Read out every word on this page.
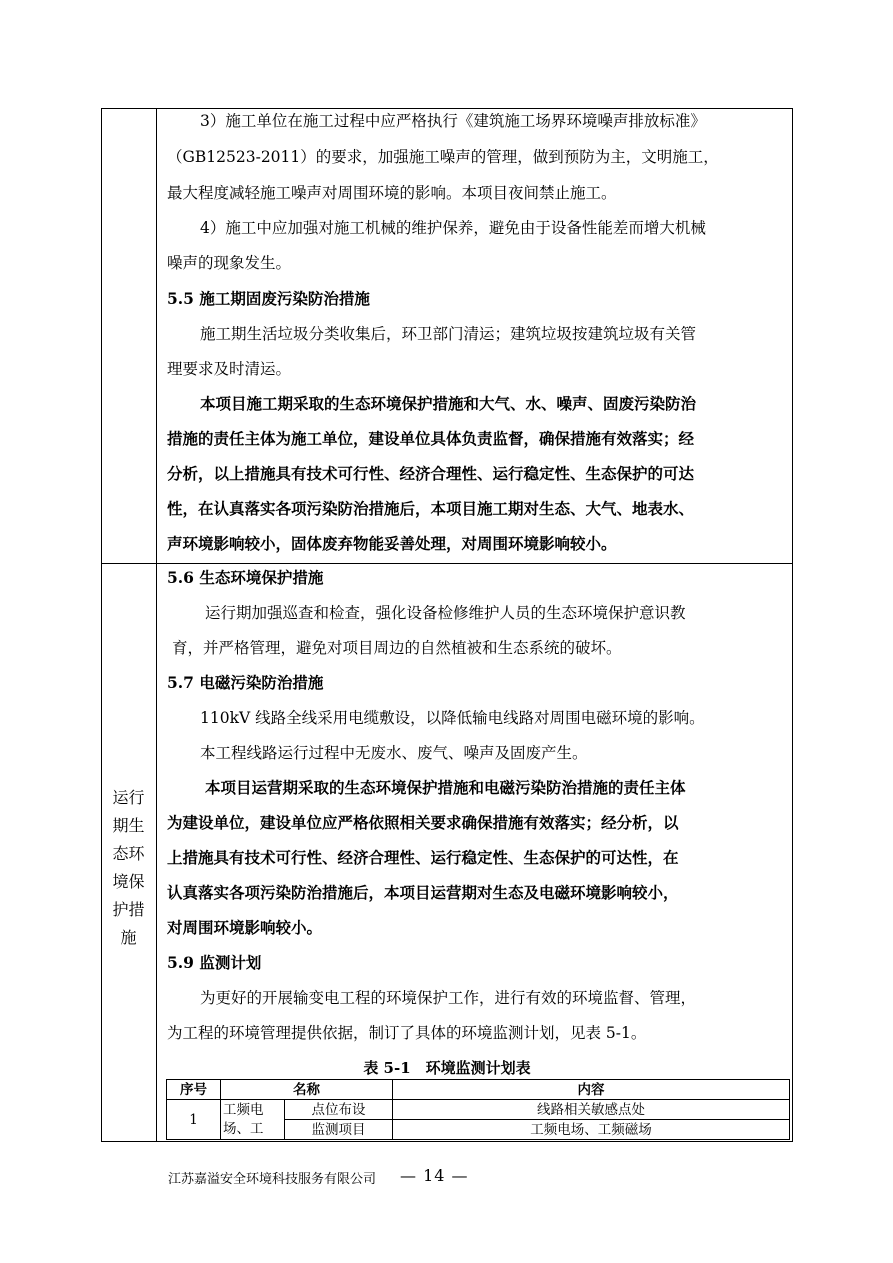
3）施工单位在施工过程中应严格执行《建筑施工场界环境噪声排放标准》
（GB12523-2011）的要求，加强施工噪声的管理，做到预防为主，文明施工，
最大程度减轻施工噪声对周围环境的影响。本项目夜间禁止施工。
4）施工中应加强对施工机械的维护保养，避免由于设备性能差而增大机械
噪声的现象发生。
5.5 施工期固废污染防治措施
施工期生活垃圾分类收集后，环卫部门清运；建筑垃圾按建筑垃圾有关管
理要求及时清运。
本项目施工期采取的生态环境保护措施和大气、水、噪声、固废污染防治
措施的责任主体为施工单位，建设单位具体负责监督，确保措施有效落实；经
分析，以上措施具有技术可行性、经济合理性、运行稳定性、生态保护的可达
性，在认真落实各项污染防治措施后，本项目施工期对生态、大气、地表水、
声环境影响较小，固体废弃物能妥善处理，对周围环境影响较小。
5.6 生态环境保护措施
运行期加强巡查和检查，强化设备检修维护人员的生态环境保护意识教
育，并严格管理，避免对项目周边的自然植被和生态系统的破坏。
5.7 电磁污染防治措施
110kV 线路全线采用电缆敷设，以降低输电线路对周围电磁环境的影响。
本工程线路运行过程中无废水、废气、噪声及固废产生。
本项目运营期采取的生态环境保护措施和电磁污染防治措施的责任主体
为建设单位，建设单位应严格依照相关要求确保措施有效落实；经分析，以
上措施具有技术可行性、经济合理性、运行稳定性、生态保护的可达性，在
认真落实各项污染防治措施后，本项目运营期对生态及电磁环境影响较小，
对周围环境影响较小。
5.9 监测计划
为更好的开展输变电工程的环境保护工作，进行有效的环境监督、管理，
为工程的环境管理提供依据，制订了具体的环境监测计划，见表 5-1。
运行
期生
态环
境保
护措
施
表 5-1　环境监测计划表
序号	名称		内容
1	工频电场、工	点位布设	线路相关敏感点处
		监测项目	工频电场、工频磁场
江苏嘉溢安全环境科技服务有限公司 — 14 —
